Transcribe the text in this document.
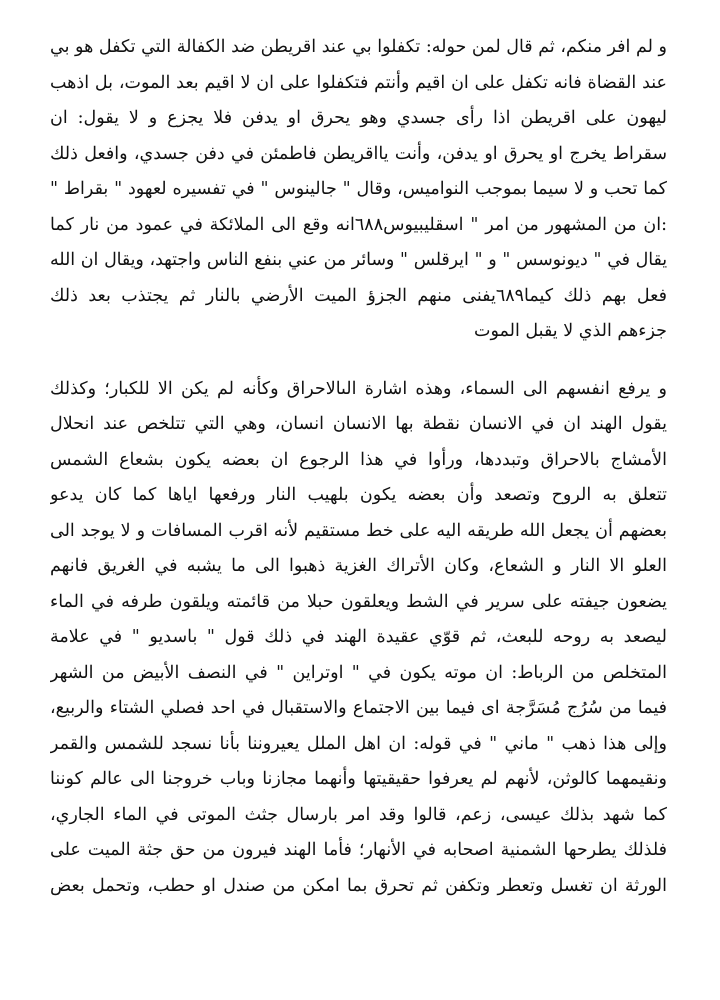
و لم افر منكم، ثم قال لمن حوله: تكفلوا بي عند اقريطن ضد الكفالة التي تكفل هو بي
عند القضاة فانه تكفل على ان اقيم وأنتم فتكفلوا على ان لا اقيم بعد الموت، بل اذهب
ليهون على اقريطن اذا رأى جسدي وهو يحرق او يدفن فلا يجزع و لا يقول: ان
سقراط يخرج او يحرق او يدفن، وأنت يااقريطن فاطمئن في دفن جسدي، وافعل ذلك
كما تحب و لا سيما بموجب النواميس، وقال " جالينوس " في تفسيره لعهود " بقراط "
:ان من المشهور من امر " اسقليبيوس٦٨٨انه وقع الى الملائكة في عمود من نار كما
يقال في " ديونوسس " و " ايرقلس " وسائر من عني بنفع الناس واجتهد، ويقال ان الله
فعل بهم ذلك كيما٦٨٩يفنى منهم الجزؤ الميت الأرضي بالنار ثم يجتذب بعد ذلك
جزءهم الذي لا يقبل الموت
و يرفع انفسهم الى السماء، وهذه اشارة الىالاحراق وكأنه لم يكن الا للكبار؛ وكذلك
يقول الهند ان في الانسان نقطة بها الانسان انسان، وهي التي تتلخص عند انحلال
الأمشاج بالاحراق وتبددها، ورأوا في هذا الرجوع ان بعضه يكون بشعاع الشمس
تتعلق به الروح وتصعد وأن بعضه يكون بلهيب النار ورفعها اياها كما كان يدعو
بعضهم أن يجعل الله طريقه اليه على خط مستقيم لأنه اقرب المسافات و لا يوجد الى
العلو الا النار و الشعاع، وكان الأتراك الغزية ذهبوا الى ما يشبه في الغريق فانهم
يضعون جيفته على سرير في الشط ويعلقون حبلا من قائمته ويلقون طرفه في الماء
ليصعد به روحه للبعث، ثم قوّي عقيدة الهند في ذلك قول " باسديو " في علامة
المتخلص من الرباط: ان موته يكون في " اوتراين " في النصف الأبيض من الشهر
فيما من سُرُج مُسَرَّجة اى فيما بين الاجتماع والاستقبال في احد فصلي الشتاء والربيع،
وإلى هذا ذهب " ماني " في قوله: ان اهل الملل يعيروننا بأنا نسجد للشمس والقمر
ونقيمهما كالوثن، لأنهم لم يعرفوا حقيقيتها وأنهما مجازنا وباب خروجنا الى عالم كوننا
كما شهد بذلك عيسى، زعم، قالوا وقد امر بارسال جثث الموتى في الماء الجاري،
فلذلك يطرحها الشمنية اصحابه في الأنهار؛ فأما الهند فيرون من حق جثة الميت على
الورثة ان تغسل وتعطر وتكفن ثم تحرق بما امكن من صندل او حطب، وتحمل بعض
